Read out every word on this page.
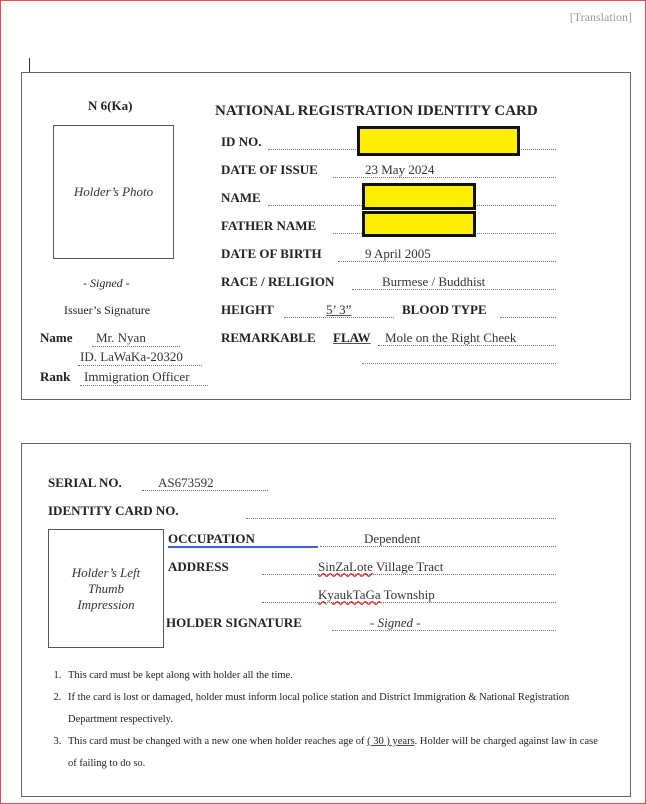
[Translation]
N 6(Ka)	NATIONAL REGISTRATION IDENTITY CARD
Holder’s Photo
- Signed -
Issuer’s Signature
Name Mr. Nyan
ID. LaWaKa-20320
Rank Immigration Officer
ID NO.
DATE OF ISSUE	23 May 2024
NAME
FATHER NAME
DATE OF BIRTH	9 April 2005
RACE / RELIGION	Burmese / Buddhist
HEIGHT	5’ 3”	BLOOD TYPE
REMARKABLE FLAW Mole on the Right Cheek
SERIAL NO.	AS673592
IDENTITY CARD NO.
Holder’s Left Thumb Impression
OCCUPATION	Dependent
ADDRESS	SinZaLote Village Tract
KyaukTaGa Township
HOLDER SIGNATURE	- Signed -
1. This card must be kept along with holder all the time.
2. If the card is lost or damaged, holder must inform local police station and District Immigration & National Registration Department respectively.
3. This card must be changed with a new one when holder reaches age of ( 30 ) years. Holder will be charged against law in case of failing to do so.
